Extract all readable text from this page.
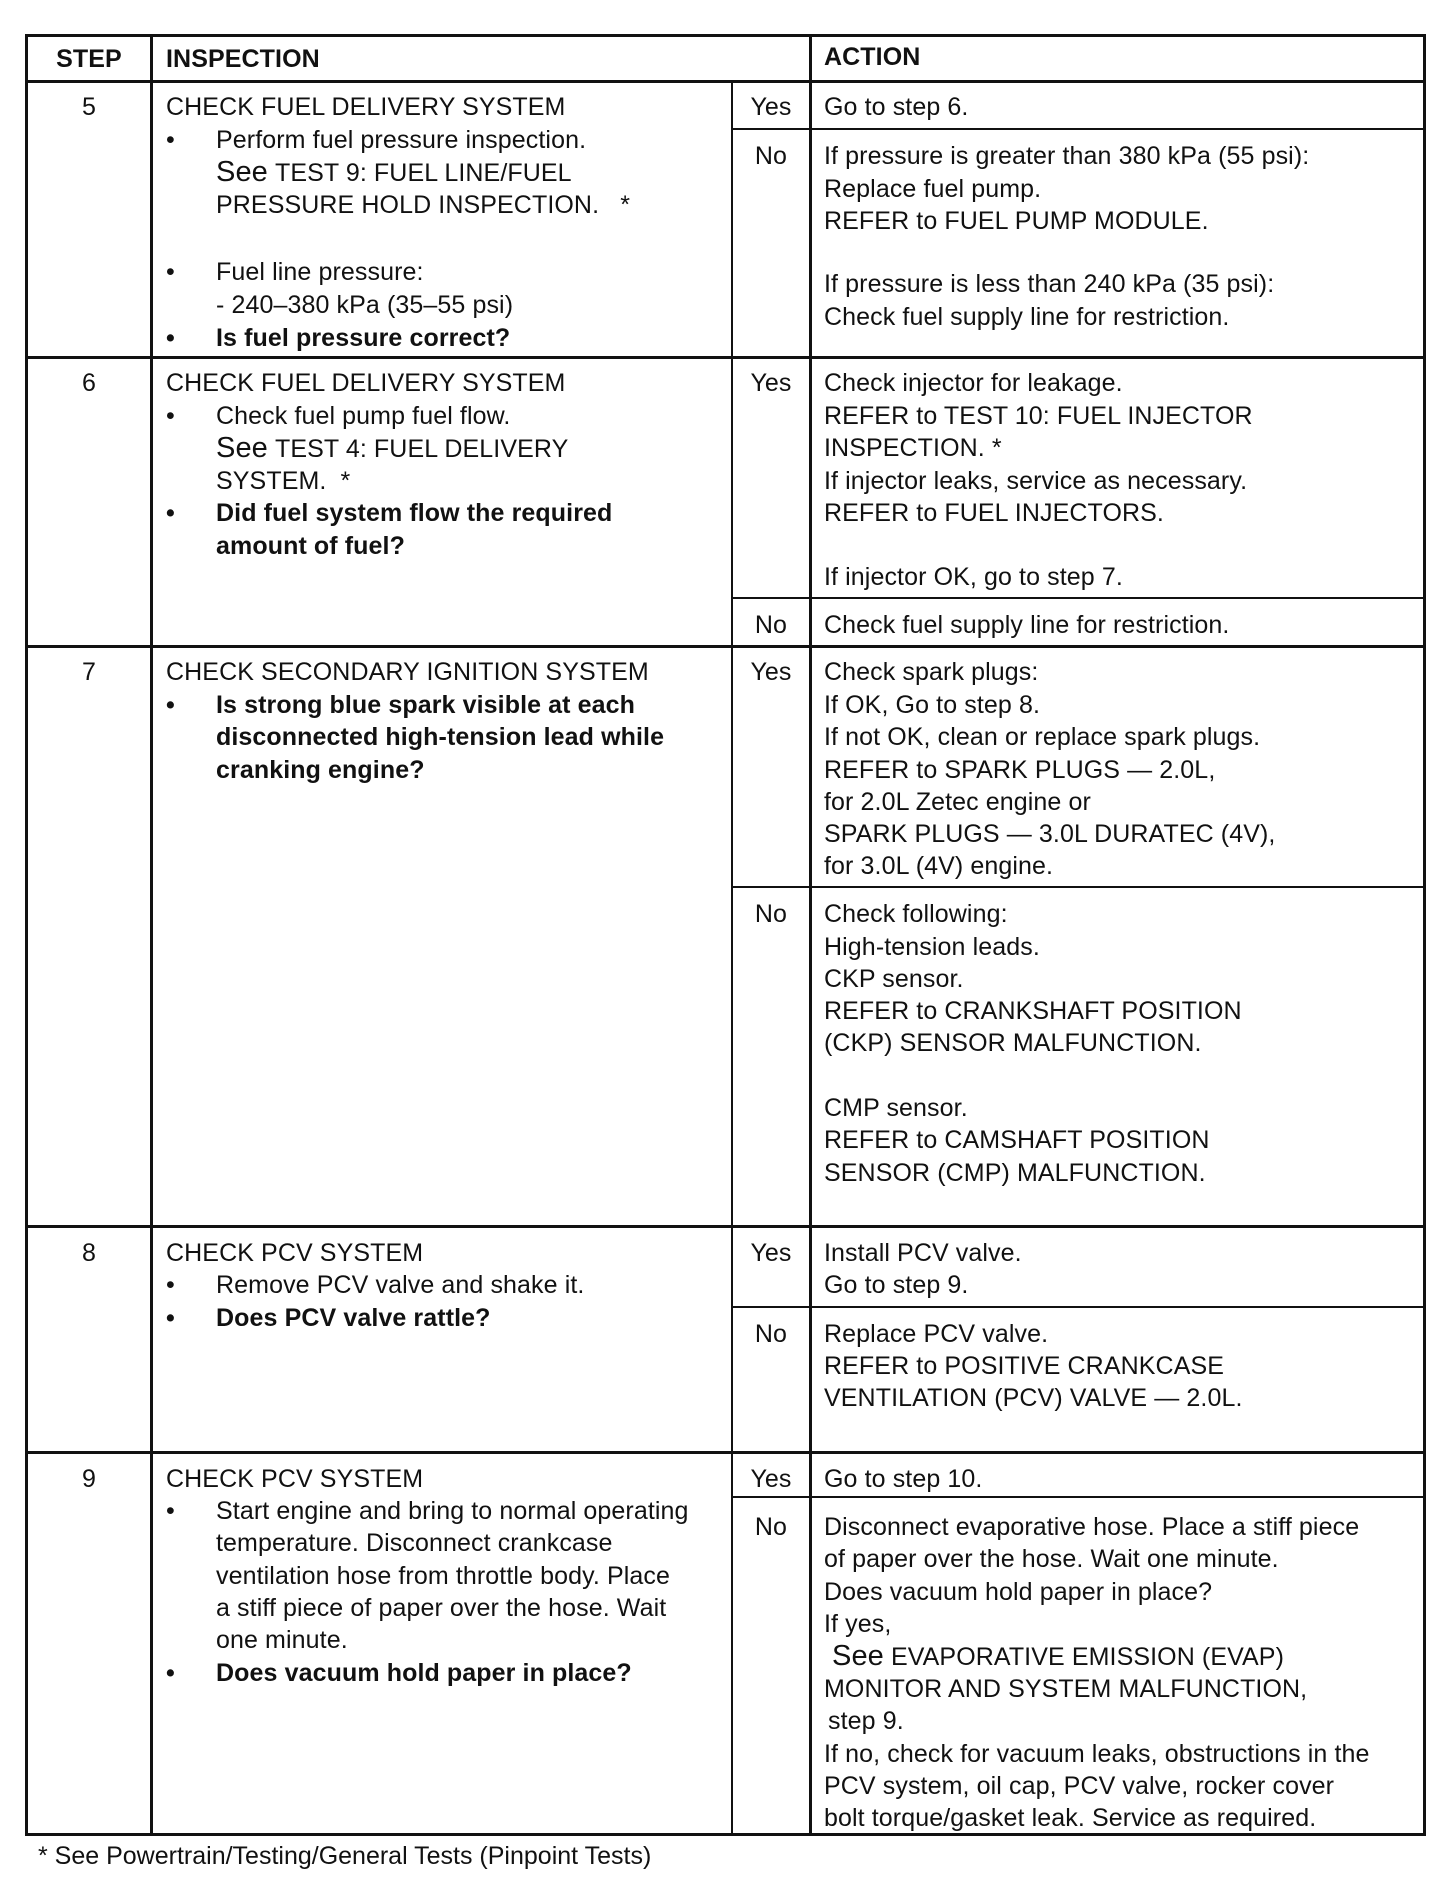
STEP	INSPECTION	ACTION
5	CHECK FUEL DELIVERY SYSTEM
• Perform fuel pressure inspection.
See TEST 9: FUEL LINE/FUEL
PRESSURE HOLD INSPECTION. *
• Fuel line pressure:
- 240–380 kPa (35–55 psi)
• Is fuel pressure correct?
Yes	Go to step 6.
No	If pressure is greater than 380 kPa (55 psi):
Replace fuel pump.
REFER to FUEL PUMP MODULE.
If pressure is less than 240 kPa (35 psi):
Check fuel supply line for restriction.
6	CHECK FUEL DELIVERY SYSTEM
• Check fuel pump fuel flow.
See TEST 4: FUEL DELIVERY
SYSTEM. *
• Did fuel system flow the required
amount of fuel?
Yes	Check injector for leakage.
REFER to TEST 10: FUEL INJECTOR
INSPECTION. *
If injector leaks, service as necessary.
REFER to FUEL INJECTORS.
If injector OK, go to step 7.
No	Check fuel supply line for restriction.
7	CHECK SECONDARY IGNITION SYSTEM
• Is strong blue spark visible at each
disconnected high-tension lead while
cranking engine?
Yes	Check spark plugs:
If OK, Go to step 8.
If not OK, clean or replace spark plugs.
REFER to SPARK PLUGS — 2.0L,
for 2.0L Zetec engine or
SPARK PLUGS — 3.0L DURATEC (4V),
for 3.0L (4V) engine.
No	Check following:
High-tension leads.
CKP sensor.
REFER to CRANKSHAFT POSITION
(CKP) SENSOR MALFUNCTION.
CMP sensor.
REFER to CAMSHAFT POSITION
SENSOR (CMP) MALFUNCTION.
8	CHECK PCV SYSTEM
• Remove PCV valve and shake it.
• Does PCV valve rattle?
Yes	Install PCV valve.
Go to step 9.
No	Replace PCV valve.
REFER to POSITIVE CRANKCASE
VENTILATION (PCV) VALVE — 2.0L.
9	CHECK PCV SYSTEM
• Start engine and bring to normal operating
temperature. Disconnect crankcase
ventilation hose from throttle body. Place
a stiff piece of paper over the hose. Wait
one minute.
• Does vacuum hold paper in place?
Yes	Go to step 10.
No	Disconnect evaporative hose. Place a stiff piece
of paper over the hose. Wait one minute.
Does vacuum hold paper in place?
If yes,
See EVAPORATIVE EMISSION (EVAP)
MONITOR AND SYSTEM MALFUNCTION,
step 9.
If no, check for vacuum leaks, obstructions in the
PCV system, oil cap, PCV valve, rocker cover
bolt torque/gasket leak. Service as required.
* See Powertrain/Testing/General Tests (Pinpoint Tests)
